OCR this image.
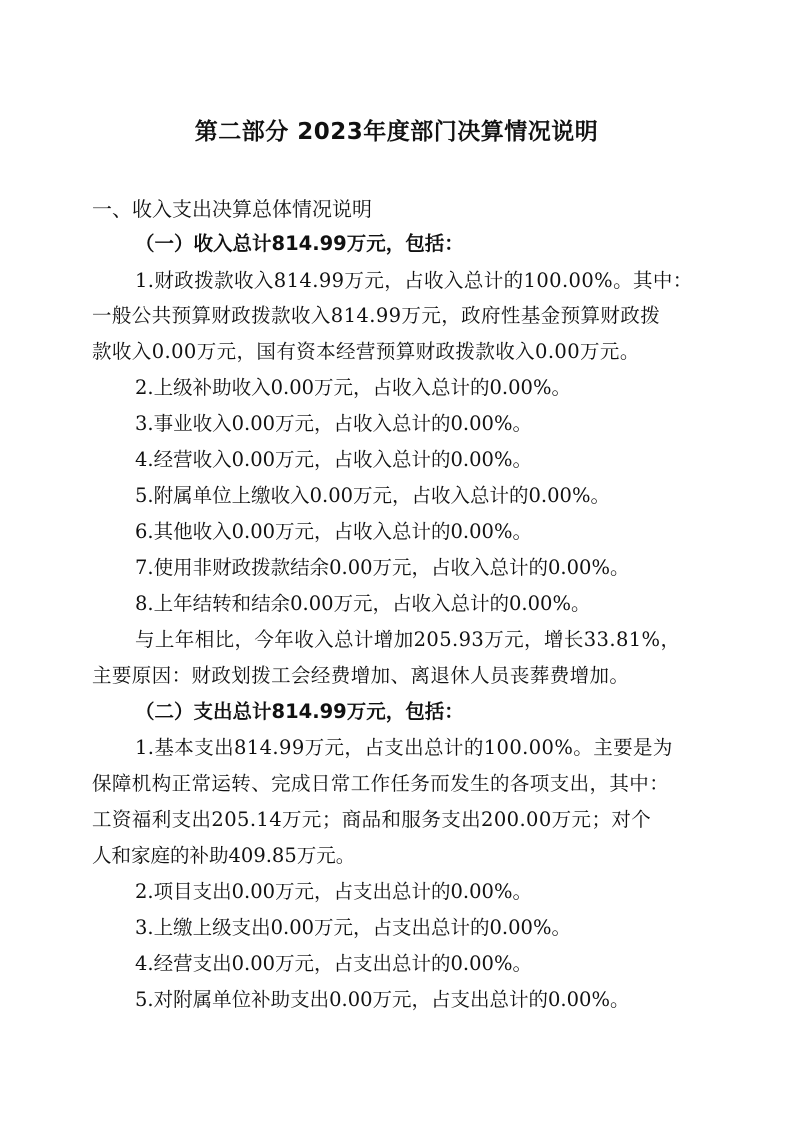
第二部分 2023年度部门决算情况说明
一、收入支出决算总体情况说明
（一）收入总计814.99万元，包括：
1.财政拨款收入814.99万元，占收入总计的100.00%。其中：
一般公共预算财政拨款收入814.99万元，政府性基金预算财政拨
款收入0.00万元，国有资本经营预算财政拨款收入0.00万元。
2.上级补助收入0.00万元，占收入总计的0.00%。
3.事业收入0.00万元，占收入总计的0.00%。
4.经营收入0.00万元，占收入总计的0.00%。
5.附属单位上缴收入0.00万元，占收入总计的0.00%。
6.其他收入0.00万元，占收入总计的0.00%。
7.使用非财政拨款结余0.00万元，占收入总计的0.00%。
8.上年结转和结余0.00万元，占收入总计的0.00%。
与上年相比，今年收入总计增加205.93万元，增长33.81%，
主要原因：财政划拨工会经费增加、离退休人员丧葬费增加。
（二）支出总计814.99万元，包括：
1.基本支出814.99万元，占支出总计的100.00%。主要是为
保障机构正常运转、完成日常工作任务而发生的各项支出，其中：
工资福利支出205.14万元；商品和服务支出200.00万元；对个
人和家庭的补助409.85万元。
2.项目支出0.00万元，占支出总计的0.00%。
3.上缴上级支出0.00万元，占支出总计的0.00%。
4.经营支出0.00万元，占支出总计的0.00%。
5.对附属单位补助支出0.00万元，占支出总计的0.00%。
